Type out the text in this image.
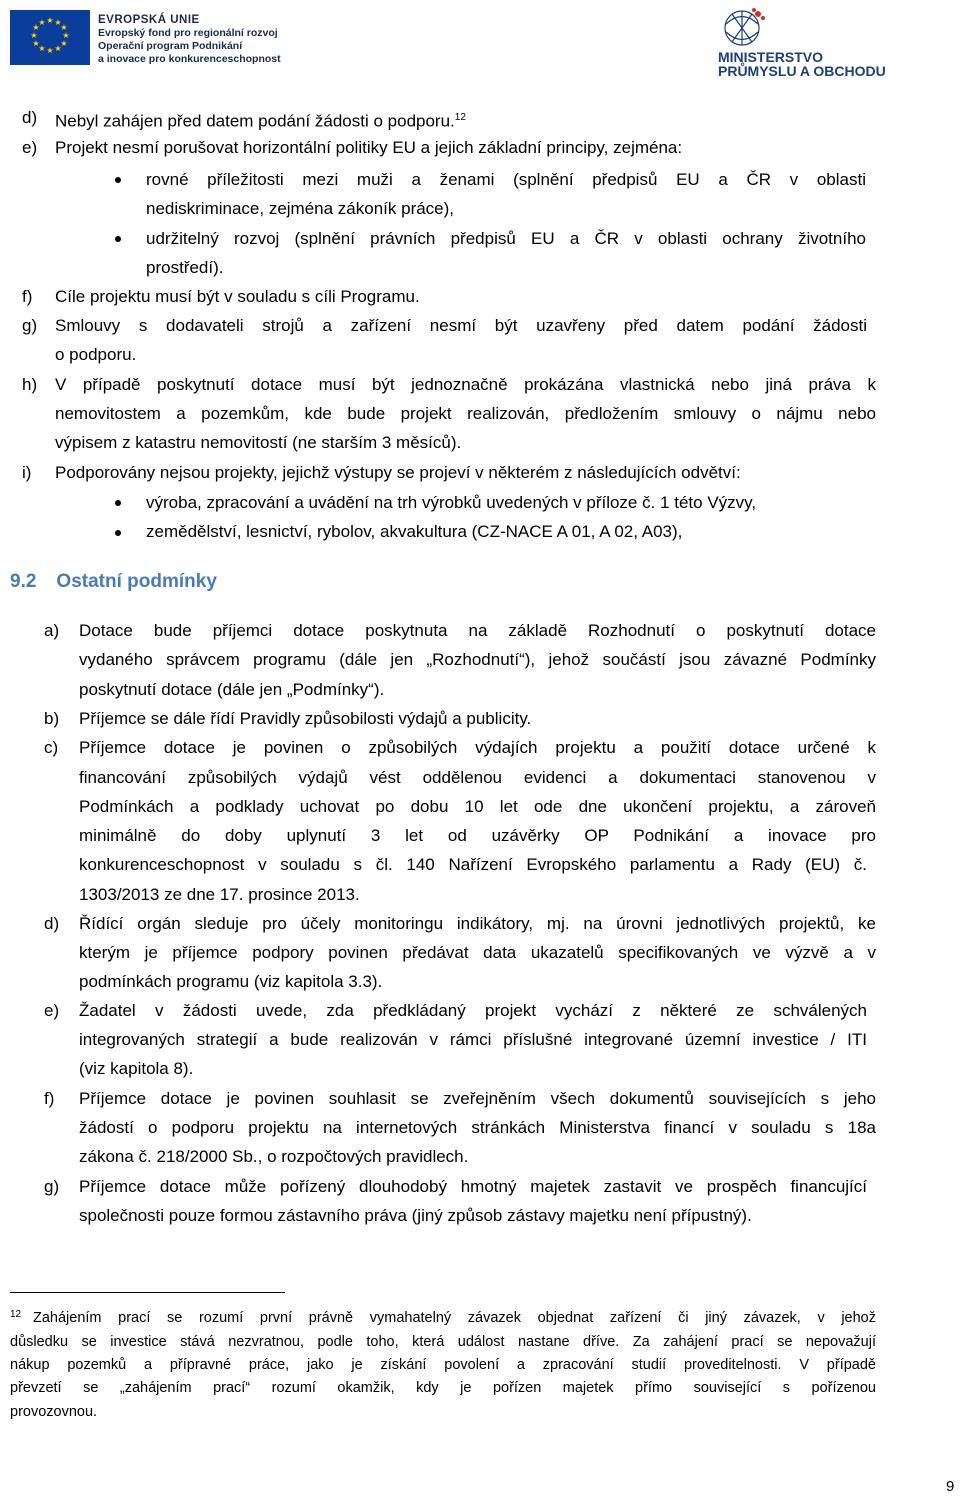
★ ★
★
★
★
★
★
★
★
★
★
★	EVROPSKÁ UNIE
Evropský fond pro regionální rozvoj
Operační program Podnikání
a inovace pro konkurenceschopnost	MINISTERSTVO
PRŮMYSLU A OBCHODU
d) Nebyl zahájen před datem podání žádosti o podporu.$^{12}$
e) Projekt nesmí porušovat horizontální politiky EU a jejich základní principy, zejména:
rovné příležitosti mezi muži a ženami (splnění předpisů EU a ČR v oblasti
nediskriminace, zejména zákoník práce),
udržitelný rozvoj (splnění právních předpisů EU a ČR v oblasti ochrany životního
prostředí).
f) Cíle projektu musí být v souladu s cíli Programu.
g) Smlouvy s dodavateli strojů a zařízení nesmí být uzavřeny před datem podání žádosti
o podporu.
h) V případě poskytnutí dotace musí být jednoznačně prokázána vlastnická nebo jiná práva k
nemovitostem a pozemkům, kde bude projekt realizován, předložením smlouvy o nájmu nebo
výpisem z katastru nemovitostí (ne starším 3 měsíců).
i) Podporovány nejsou projekty, jejichž výstupy se projeví v některém z následujících odvětví:
výroba, zpracování a uvádění na trh výrobků uvedených v příloze č. 1 této Výzvy,
zemědělství, lesnictví, rybolov, akvakultura (CZ-NACE A 01, A 02, A03),
9.2 Ostatní podmínky
a) Dotace bude příjemci dotace poskytnuta na základě Rozhodnutí o poskytnutí dotace
vydaného správcem programu (dále jen „Rozhodnutí“), jehož součástí jsou závazné Podmínky
poskytnutí dotace (dále jen „Podmínky“).
b) Příjemce se dále řídí Pravidly způsobilosti výdajů a publicity.
c) Příjemce dotace je povinen o způsobilých výdajích projektu a použití dotace určené k
financování způsobilých výdajů vést oddělenou evidenci a dokumentaci stanovenou v
Podmínkách a podklady uchovat po dobu 10 let ode dne ukončení projektu, a zároveň
minimálně do doby uplynutí 3 let od uzávěrky OP Podnikání a inovace pro
konkurenceschopnost v souladu s čl. 140 Nařízení Evropského parlamentu a Rady (EU) č.
1303/2013 ze dne 17. prosince 2013.
d) Řídící orgán sleduje pro účely monitoringu indikátory, mj. na úrovni jednotlivých projektů, ke
kterým je příjemce podpory povinen předávat data ukazatelů specifikovaných ve výzvě a v
podmínkách programu (viz kapitola 3.3).
e) Žadatel v žádosti uvede, zda předkládaný projekt vychází z některé ze schválených
integrovaných strategií a bude realizován v rámci příslušné integrované územní investice / ITI
(viz kapitola 8).
f) Příjemce dotace je povinen souhlasit se zveřejněním všech dokumentů souvisejících s jeho
žádostí o podporu projektu na internetových stránkách Ministerstva financí v souladu s 18a
zákona č. 218/2000 Sb., o rozpočtových pravidlech.
g) Příjemce dotace může pořízený dlouhodobý hmotný majetek zastavit ve prospěch financující
společnosti pouze formou zástavního práva (jiný způsob zástavy majetku není přípustný).
$^{12}$ Zahájením prací se rozumí první právně vymahatelný závazek objednat zařízení či jiný závazek, v jehož
důsledku se investice stává nezvratnou, podle toho, která událost nastane dříve. Za zahájení prací se nepovažují
nákup pozemků a přípravné práce, jako je získání povolení a zpracování studií proveditelnosti. V případě
převzetí se „zahájením prací“ rozumí okamžik, kdy je pořízen majetek přímo související s pořízenou
provozovnou.
9
